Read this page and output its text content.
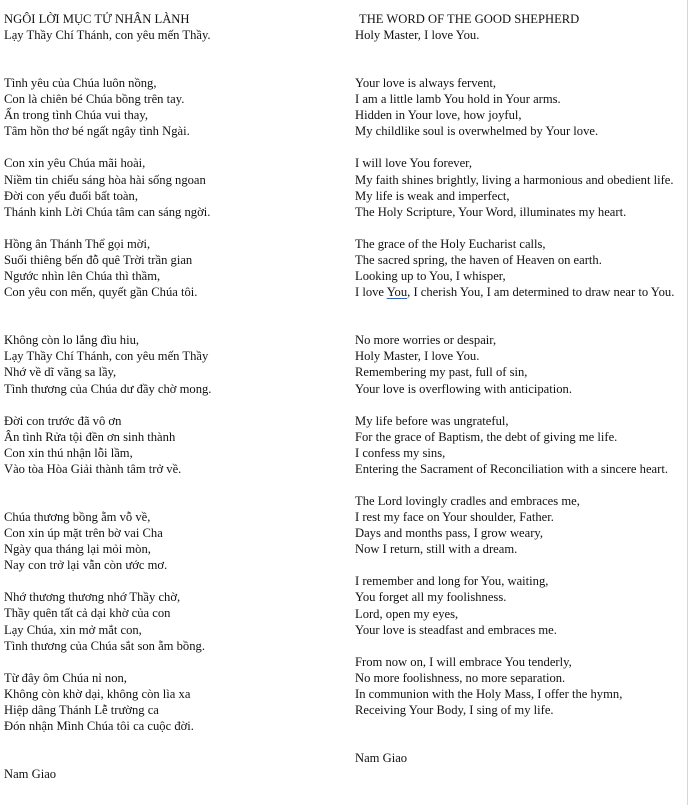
NGÔI LỜI MỤC TỬ NHÂN LÀNH
Lạy Thầy Chí Thánh, con yêu mến Thầy.
Tình yêu của Chúa luôn nồng,
Con là chiên bé Chúa bồng trên tay.
Ẩn trong tình Chúa vui thay,
Tâm hồn thơ bé ngất ngây tình Ngài.
Con xin yêu Chúa mãi hoài,
Niềm tin chiếu sáng hòa hài sống ngoan
Đời con yếu đuối bất toàn,
Thánh kinh Lời Chúa tâm can sáng ngời.
Hồng ân Thánh Thể gọi mời,
Suối thiêng bến đỗ quê Trời trần gian
Ngước nhìn lên Chúa thì thầm,
Con yêu con mến, quyết gần Chúa tôi.
Không còn lo lắng đìu hiu,
Lạy Thầy Chí Thánh, con yêu mến Thầy
Nhớ về dĩ vãng sa lầy,
Tình thương của Chúa dư đầy chờ mong.
Đời con trước đã vô ơn
Ân tình Rửa tội đền ơn sinh thành
Con xin thú nhận lỗi lầm,
Vào tòa Hòa Giải thành tâm trở về.
Chúa thương bồng ẵm vỗ về,
Con xin úp mặt trên bờ vai Cha
Ngày qua tháng lại mỏi mòn,
Nay con trở lại vẫn còn ước mơ.
Nhớ thương thương nhớ Thầy chờ,
Thầy quên tất cả dại khờ của con
Lạy Chúa, xin mở mắt con,
Tình thương của Chúa sắt son ẵm bồng.
Từ đây ôm Chúa nỉ non,
Không còn khờ dại, không còn lìa xa
Hiệp dâng Thánh Lễ trường ca
Đón nhận Mình Chúa tôi ca cuộc đời.
Nam Giao
THE WORD OF THE GOOD SHEPHERD
Holy Master, I love You.
Your love is always fervent,
I am a little lamb You hold in Your arms.
Hidden in Your love, how joyful,
My childlike soul is overwhelmed by Your love.
I will love You forever,
My faith shines brightly, living a harmonious and obedient life.
My life is weak and imperfect,
The Holy Scripture, Your Word, illuminates my heart.
The grace of the Holy Eucharist calls,
The sacred spring, the haven of Heaven on earth.
Looking up to You, I whisper,
I love You, I cherish You, I am determined to draw near to You.
No more worries or despair,
Holy Master, I love You.
Remembering my past, full of sin,
Your love is overflowing with anticipation.
My life before was ungrateful,
For the grace of Baptism, the debt of giving me life.
I confess my sins,
Entering the Sacrament of Reconciliation with a sincere heart.
The Lord lovingly cradles and embraces me,
I rest my face on Your shoulder, Father.
Days and months pass, I grow weary,
Now I return, still with a dream.
I remember and long for You, waiting,
You forget all my foolishness.
Lord, open my eyes,
Your love is steadfast and embraces me.
From now on, I will embrace You tenderly,
No more foolishness, no more separation.
In communion with the Holy Mass, I offer the hymn,
Receiving Your Body, I sing of my life.
Nam Giao
